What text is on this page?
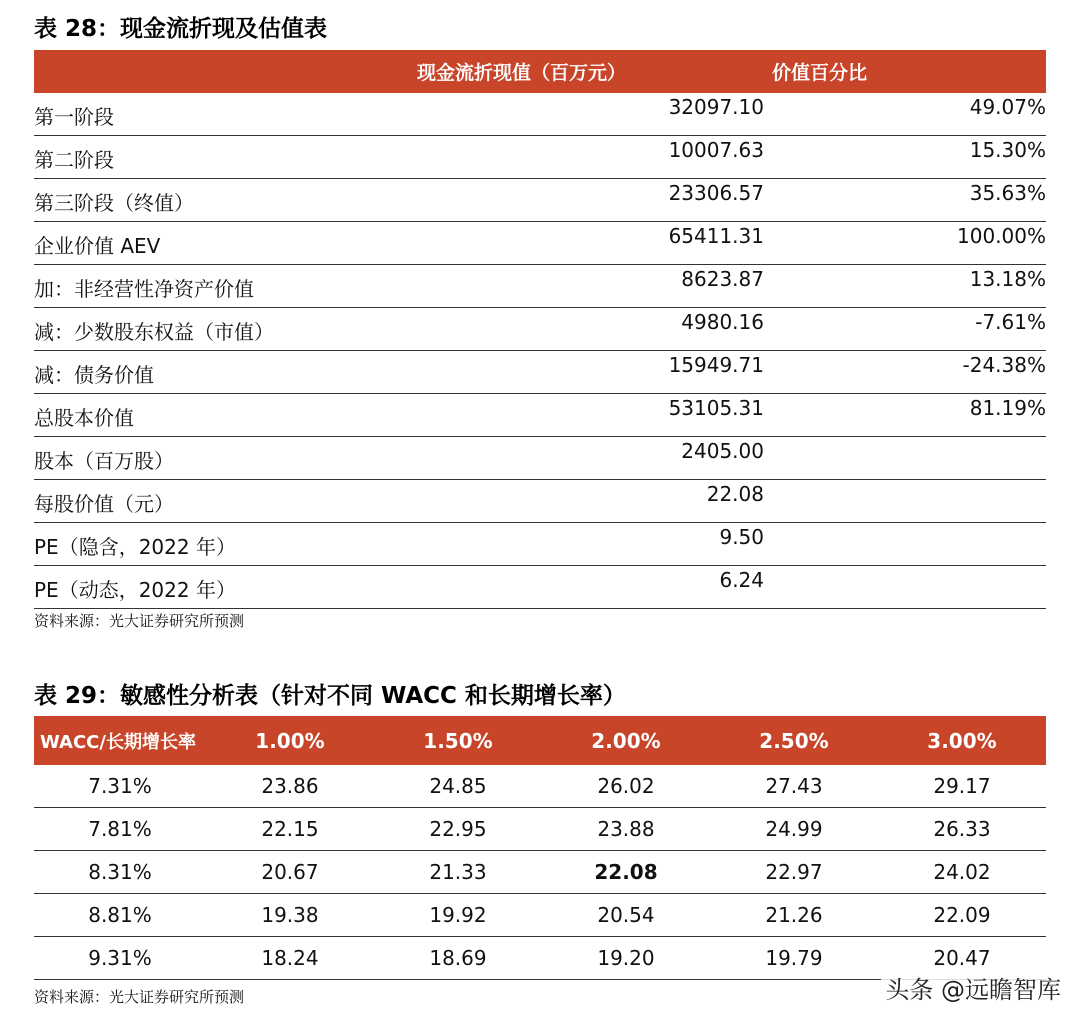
表 28：现金流折现及估值表
	现金流折现值（百万元）	价值百分比
第一阶段	32097.10	49.07%
第二阶段	10007.63	15.30%
第三阶段（终值）	23306.57	35.63%
企业价值 AEV	65411.31	100.00%
加：非经营性净资产价值	8623.87	13.18%
减：少数股东权益（市值）	4980.16	-7.61%
减：债务价值	15949.71	-24.38%
总股本价值	53105.31	81.19%
股本（百万股）	2405.00	
每股价值（元）	22.08	
PE（隐含，2022 年）	9.50	
PE（动态，2022 年）	6.24	
资料来源：光大证券研究所预测
表 29：敏感性分析表（针对不同 WACC 和长期增长率）
WACC/长期增长率	1.00%	1.50%	2.00%	2.50%	3.00%
7.31%	23.86	24.85	26.02	27.43	29.17
7.81%	22.15	22.95	23.88	24.99	26.33
8.31%	20.67	21.33	22.08	22.97	24.02
8.81%	19.38	19.92	20.54	21.26	22.09
9.31%	18.24	18.69	19.20	19.79	20.47
资料来源：光大证券研究所预测	头条 @远瞻智库
